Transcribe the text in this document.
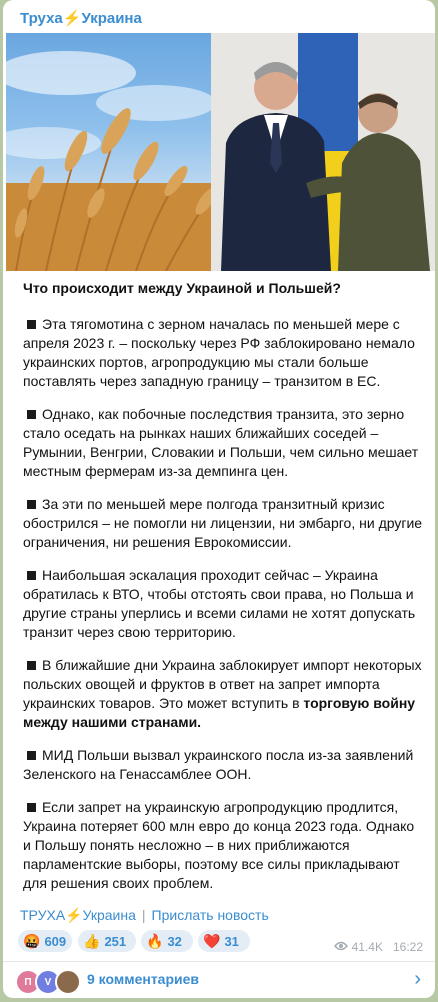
Труха⚡Украина
Что происходит между Украиной и Польшей?
Эта тягомотина с зерном началась по меньшей мере с апреля 2023 г. – поскольку через РФ заблокировано немало украинских портов, агропродукцию мы стали больше поставлять через западную границу – транзитом в ЕС.
Однако, как побочные последствия транзита, это зерно стало оседать на рынках наших ближайших соседей – Румынии, Венгрии, Словакии и Польши, чем сильно мешает местным фермерам из-за демпинга цен.
За эти по меньшей мере полгода транзитный кризис обострился – не помогли ни лицензии, ни эмбарго, ни другие ограничения, ни решения Еврокомиссии.
Наибольшая эскалация проходит сейчас – Украина обратилась к ВТО, чтобы отстоять свои права, но Польша и другие страны уперлись и всеми силами не хотят допускать транзит через свою территорию.
В ближайшие дни Украина заблокирует импорт некоторых польских овощей и фруктов в ответ на запрет импорта украинских товаров. Это может вступить в торговую войну между нашими странами.
МИД Польши вызвал украинского посла из-за заявлений Зеленского на Генассамблее ООН.
Если запрет на украинскую агропродукцию продлится, Украина потеряет 600 млн евро до конца 2023 года. Однако и Польшу понять несложно – в них приближаются парламентские выборы, поэтому все силы прикладывают для решения своих проблем.
ТРУХА⚡Украина | Прислать новость
🤬 609 👍 251 🔥 32 ❤️ 31	41.4K 16:22
П	V	9 комментариев	›
